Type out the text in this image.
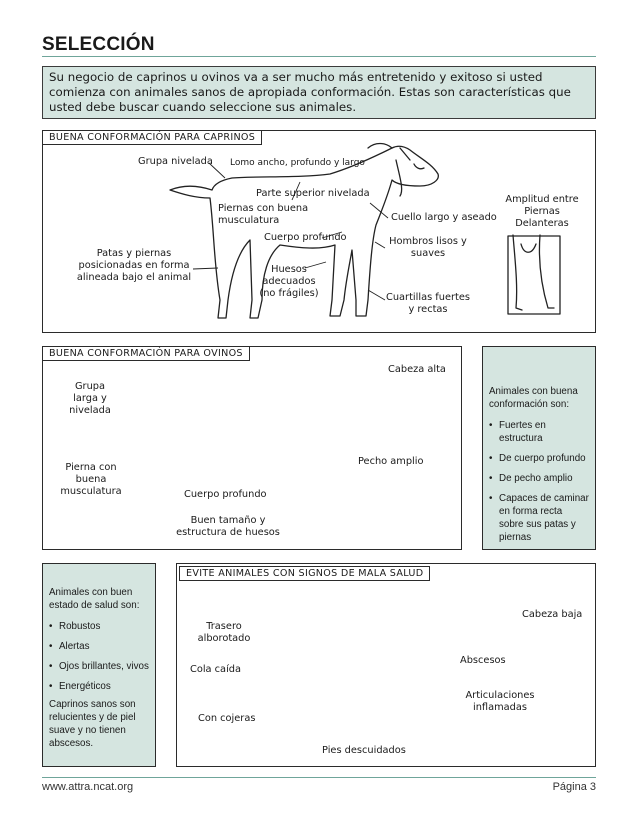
SELECCIÓN
Su negocio de caprinos u ovinos va a ser mucho más entretenido y exitoso si usted comienza con animales sanos de apropiada conformación. Estas son características que usted debe buscar cuando seleccione sus animales.
BUENA CONFORMACIÓN PARA CAPRINOS
Grupa nivelada Lomo ancho, profundo y largo
Parte superior nivelada
Piernas con buena musculatura
Cuerpo profundo
Cuello largo y aseado
Hombros lisos y suaves
Patas y piernas posicionadas en forma alineada bajo el animal
Huesos adecuados (no frágiles)	Cuartillas fuertes y rectas
Amplitud entre Piernas Delanteras
BUENA CONFORMACIÓN PARA OVINOS
Cabeza alta
Grupa larga y nivelada
Pierna con buena musculatura
Pecho amplio
Cuerpo profundo
Buen tamaño y estructura de huesos
Animales con buena conformación son:
• Fuertes en estructura
• De cuerpo profundo
• De pecho amplio
• Capaces de caminar en forma recta sobre sus patas y piernas
Animales con buen estado de salud son:
• Robustos
• Alertas
• Ojos brillantes, vivos
• Energéticos
Caprinos sanos son relucientes y de piel suave y no tienen abscesos.
EVITE ANIMALES CON SIGNOS DE MALA SALUD
Trasero alborotado
Cola caída
Con cojeras
Pies descuidados
Cabeza baja
Abscesos
Articulaciones inflamadas
www.attra.ncat.org	Página 3
